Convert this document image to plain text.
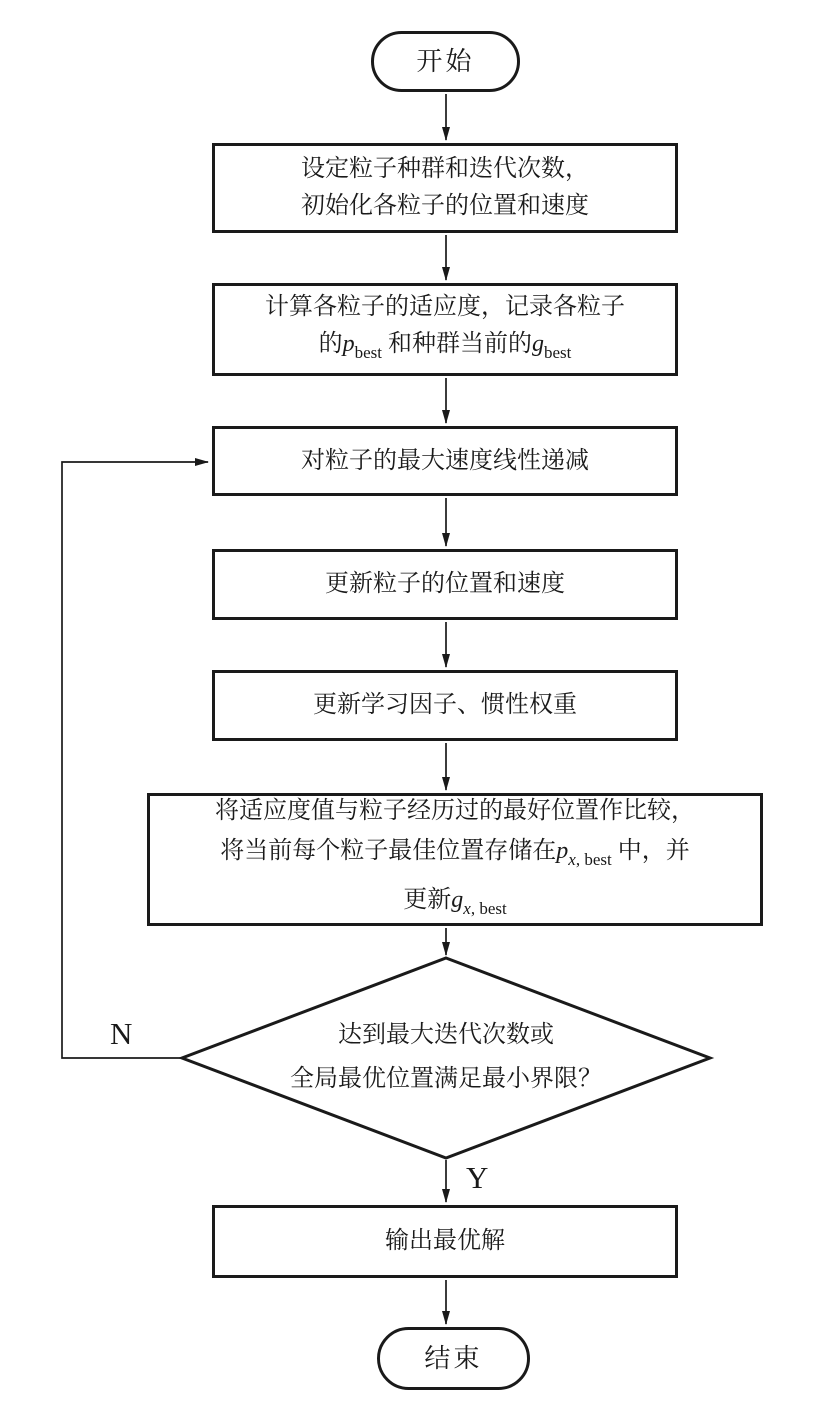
开始
设定粒子种群和迭代次数，
初始化各粒子的位置和速度
计算各粒子的适应度，记录各粒子
的$p_{best}$ 和种群当前的$g_{best}$
对粒子的最大速度线性递减
更新粒子的位置和速度
更新学习因子、惯性权重
将适应度值与粒子经历过的最好位置作比较，
将当前每个粒子最佳位置存储在$p_{x, best}$ 中，并
更新$g_{x, best}$
达到最大迭代次数或
全局最优位置满足最小界限？
N
Y
输出最优解
结束
